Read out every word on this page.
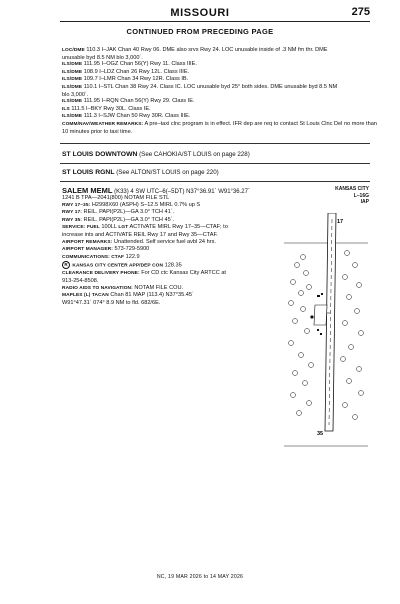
MISSOURI	275
CONTINUED FROM PRECEDING PAGE
LOC/DME 110.3 I–JAK Chan 40 Rwy 06. DME also srvs Rwy 24. LOC unusable inside of .3 NM fm thr. DME
unusable byd 8.5 NM blo 3,000´.
ILS/DME 111.95 I–OGZ Chan 56(Y) Rwy 11. Class IIIE.
ILS/DME 108.9 I–LDZ Chan 26 Rwy 12L. Class IIIE.
ILS/DME 109.7 I–LMR Chan 34 Rwy 12R. Class IB.
ILS/DME 110.1 I–STL Chan 38 Rwy 24. Class IC. LOC unusable byd 25° both sides. DME unusable byd 8.5 NM
blo 3,000´.
ILS/DME 111.95 I–RQN Chan 56(Y) Rwy 29. Class IE.
ILS 111.5 I–BKY Rwy 30L. Class IE.
ILS/DME 111.3 I–SJW Chan 50 Rwy 30R. Class IIIE.
COMM/NAV/WEATHER REMARKS: A pre–taxi clnc program is in effect. IFR dep are req to contact St Louis Clnc Del no more than
10 minutes prior to taxi time.
ST LOUIS DOWNTOWN (See CAHOKIA/ST LOUIS on page 228)
ST LOUIS RGNL (See ALTON/ST LOUIS on page 220)
SALEM MEML (K33) 4 SW UTC–6(–5DT) N37°36.91´ W91°36.27´	KANSAS CITY
L–16G
IAP
1241 B TPA—2041(800) NOTAM FILE STL
RWY 17–35: H2998X60 (ASPH) S–12.5 MIRL 0.7% up S
RWY 17: REIL. PAPI(P2L)—GA 3.0° TCH 41´.
RWY 35: REIL. PAPI(P2L)—GA 3.0° TCH 45´.
SERVICE: FUEL 100LL LGT ACTIVATE MIRL Rwy 17–35—CTAF; to
increase ints and ACTIVATE REIL Rwy 17 and Rwy 35—CTAF.
AIRPORT REMARKS: Unattended. Self service fuel avbl 24 hrs.
AIRPORT MANAGER: 573-729-5900
COMMUNICATIONS: CTAF 122.9
R KANSAS CITY CENTER APP/DEP CON 128.35
CLEARANCE DELIVERY PHONE: For CD ctc Kansas City ARTCC at
913-254-8508.
RADIO AIDS TO NAVIGATION: NOTAM FILE COU.
MAPLES (L) TACAN Chan 81 MAP (113.4) N37°35.45´
W91°47.31´ 074° 8.9 NM to fld. 682/6E.
17
35
NC, 19 MAR 2026 to 14 MAY 2026
